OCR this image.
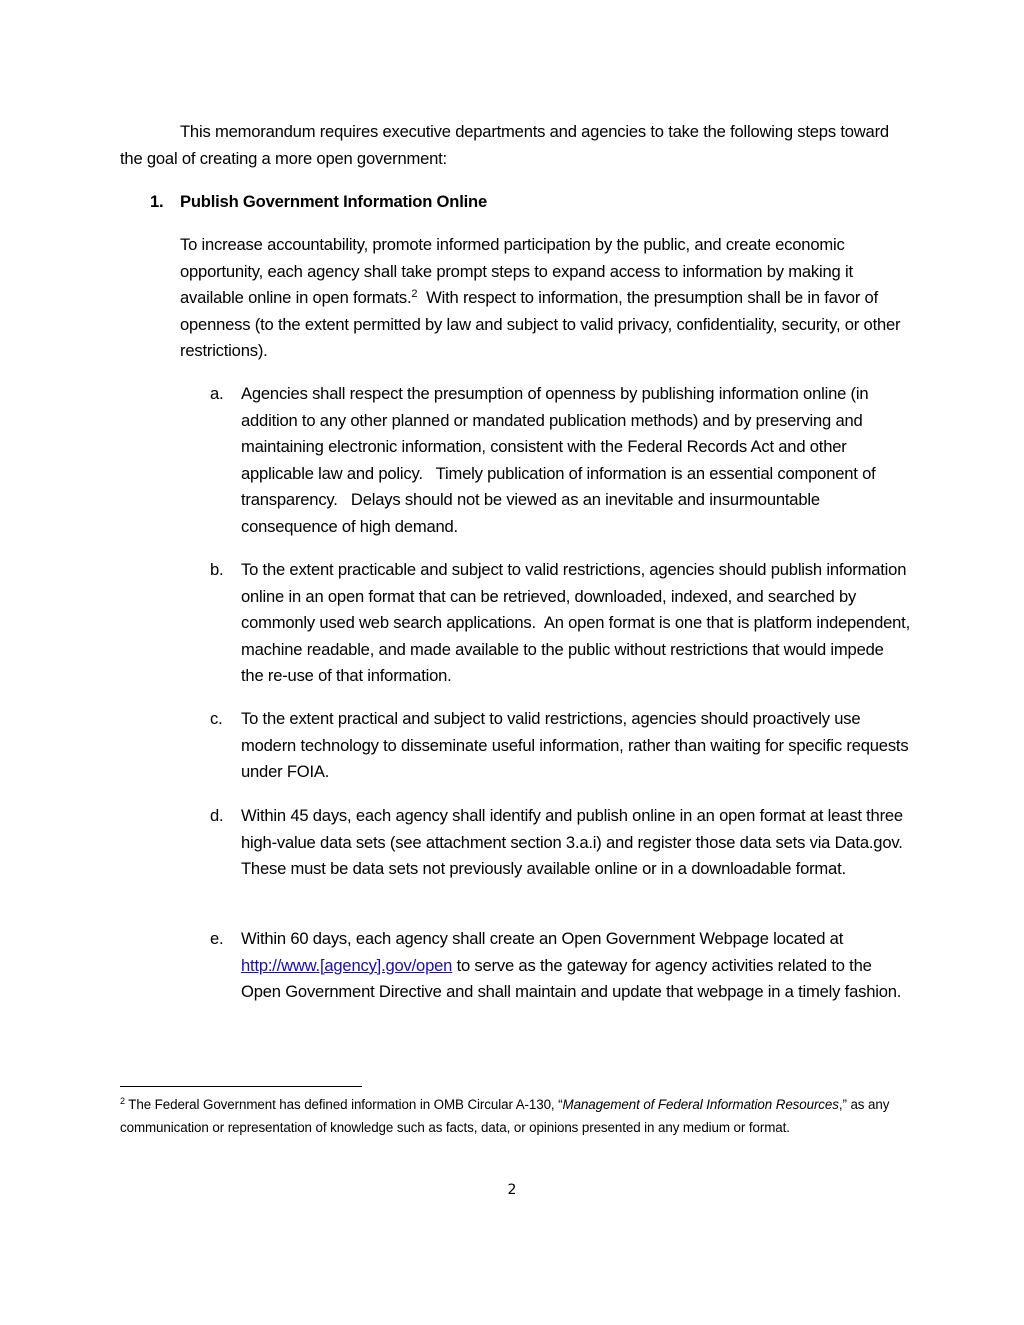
This memorandum requires executive departments and agencies to take the following steps toward the goal of creating a more open government:
1. Publish Government Information Online
To increase accountability, promote informed participation by the public, and create economic opportunity, each agency shall take prompt steps to expand access to information by making it available online in open formats.$^2$  With respect to information, the presumption shall be in favor of openness (to the extent permitted by law and subject to valid privacy, confidentiality, security, or other restrictions).
a.	Agencies shall respect the presumption of openness by publishing information online (in addition to any other planned or mandated publication methods) and by preserving and maintaining electronic information, consistent with the Federal Records Act and other applicable law and policy.   Timely publication of information is an essential component of transparency.   Delays should not be viewed as an inevitable and insurmountable consequence of high demand.
b.	To the extent practicable and subject to valid restrictions, agencies should publish information online in an open format that can be retrieved, downloaded, indexed, and searched by commonly used web search applications.  An open format is one that is platform independent, machine readable, and made available to the public without restrictions that would impede the re-use of that information.
c.	To the extent practical and subject to valid restrictions, agencies should proactively use modern technology to disseminate useful information, rather than waiting for specific requests under FOIA.
d.	Within 45 days, each agency shall identify and publish online in an open format at least three high-value data sets (see attachment section 3.a.i) and register those data sets via Data.gov.  These must be data sets not previously available online or in a downloadable format.
e.	Within 60 days, each agency shall create an Open Government Webpage located at http://www.[agency].gov/open to serve as the gateway for agency activities related to the Open Government Directive and shall maintain and update that webpage in a timely fashion.
$^2$ The Federal Government has defined information in OMB Circular A-130, “Management of Federal Information Resources,” as any communication or representation of knowledge such as facts, data, or opinions presented in any medium or format.
2
